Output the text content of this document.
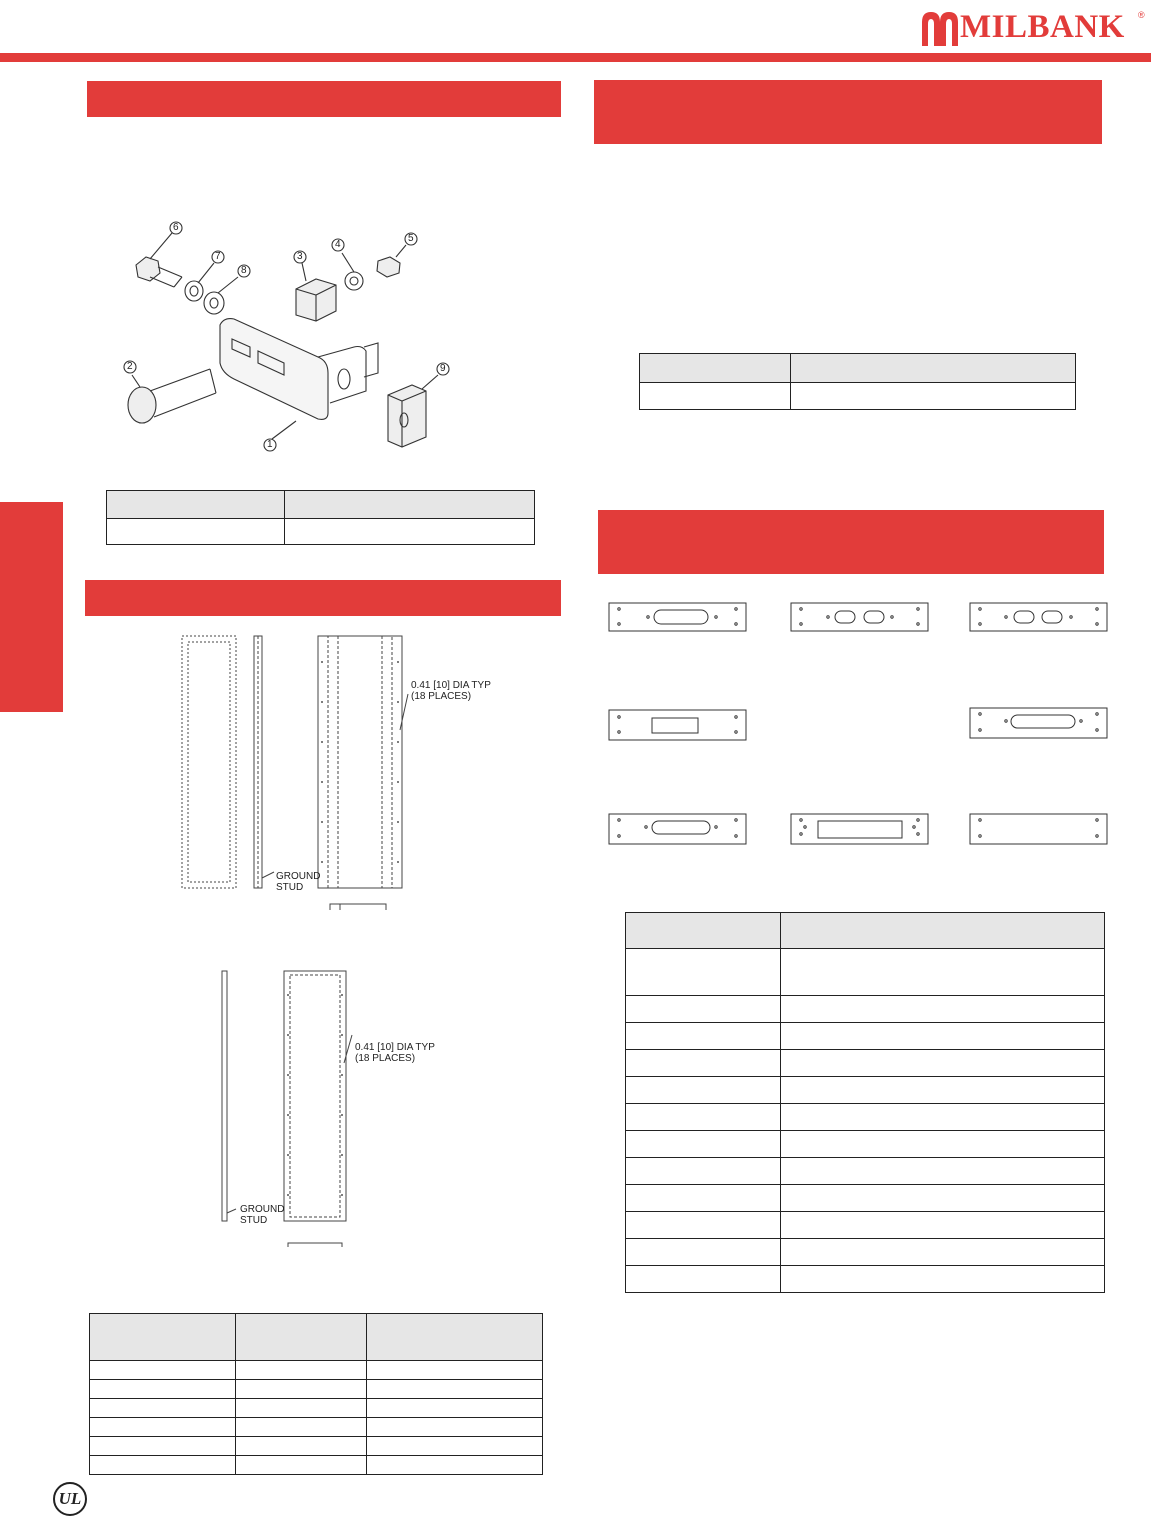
MILBANK ®
6
7
8
3
4
5
2
1
9

0.41 [10] DIA TYP
(18 PLACES)
GROUND
STUD
0.41 [10] DIA TYP
(18 PLACES)
GROUND
STUD

UL
